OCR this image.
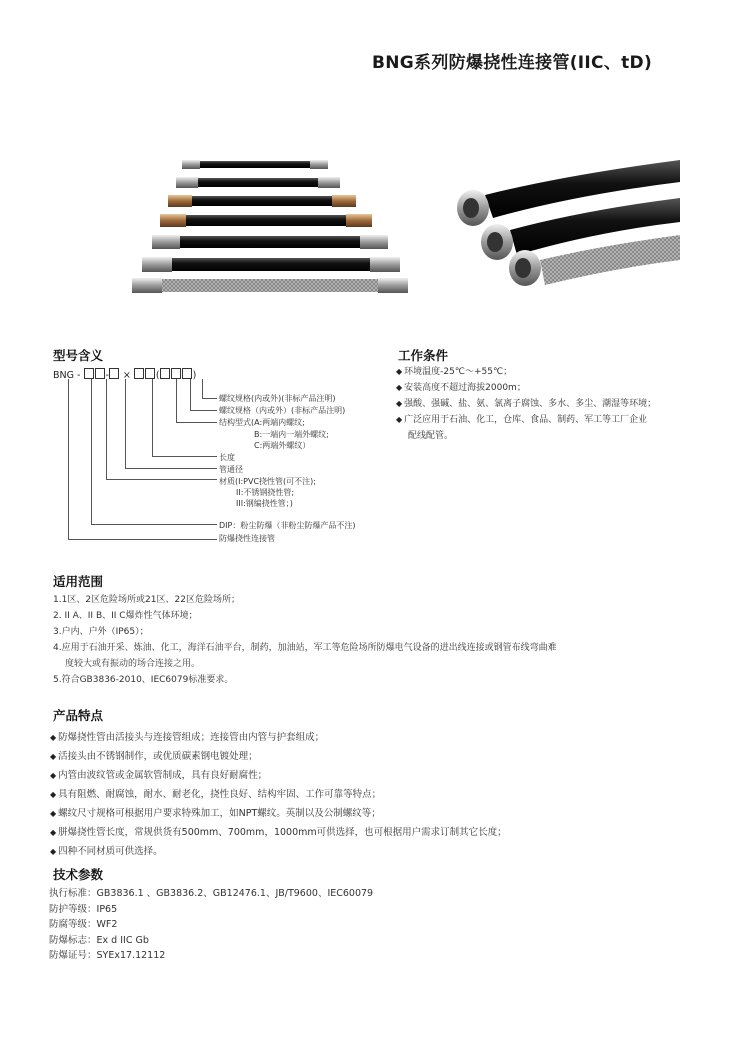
BNG系列防爆挠性连接管(IIC、tD)
型号含义
BNG - - × (	)
螺纹规格(内或外)(非标产品注明)
螺纹规格（内或外）(非标产品注明)
结构型式(A:两端内螺纹;
B:一端内一端外螺纹;
C:两端外螺纹）
长度
管通径
材质(I:PVC挠性管(可不注);
II:不锈钢挠性管;
III:钢编挠性管；)
DIP：粉尘防爆（非粉尘防爆产品不注)
防爆挠性连接管
工作条件
◆ 环境温度-25℃～+55℃；
◆ 安装高度不超过海拔2000m；
◆ 强酸、强碱、盐、氨、氯离子腐蚀、多水、多尘、潮湿等环境；
◆ 广泛应用于石油、化工，仓库、食品、制药、军工等工厂企业
配线配管。
适用范围
1.1区、2区危险场所或21区、22区危险场所；
2. II A、II B、II C爆炸性气体环境；
3.户内、户外（IP65）；
4.应用于石油开采、炼油、化工，海洋石油平台，制药，加油站，军工等危险场所防爆电气设备的进出线连接或钢管布线弯曲难
度较大或有振动的场合连接之用。
5.符合GB3836-2010、IEC6079标准要求。
产品特点
◆ 防爆挠性管由活接头与连接管组成；连接管由内管与护套组成；
◆ 活接头由不锈钢制作，或优质碳素钢电镀处理；
◆ 内管由波纹管或金属软管制成，具有良好耐腐性；
◆ 具有阻燃、耐腐蚀，耐水、耐老化，挠性良好、结构牢固、工作可靠等特点；
◆ 螺纹尺寸规格可根据用户要求特殊加工，如NPT螺纹。英制以及公制螺纹等；
◆ 胼爆挠性管长度，常规供货有500mm、700mm，1000mm可供选择，也可根据用户需求订制其它长度；
◆ 四种不同材质可供选择。
技术参数
执行标准：GB3836.1 、GB3836.2、GB12476.1、JB/T9600、IEC60079
防护等级：IP65
防腐等级：WF2
防爆标志：Ex d IIC Gb
防爆证号：SYEx17.12112
